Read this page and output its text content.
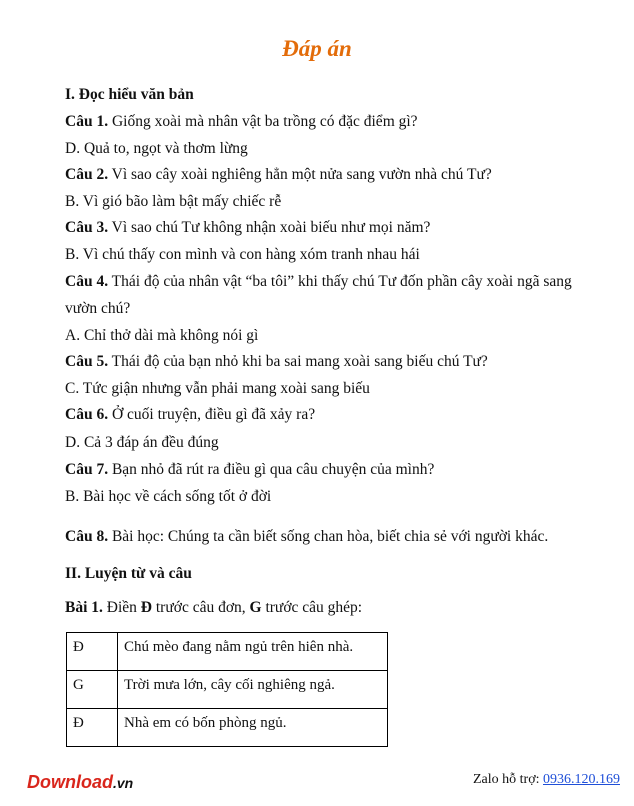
Đáp án
I. Đọc hiểu văn bản
Câu 1. Giống xoài mà nhân vật ba trồng có đặc điểm gì?
D. Quả to, ngọt và thơm lừng
Câu 2. Vì sao cây xoài nghiêng hẳn một nửa sang vườn nhà chú Tư?
B. Vì gió bão làm bật mấy chiếc rễ
Câu 3. Vì sao chú Tư không nhận xoài biếu như mọi năm?
B. Vì chú thấy con mình và con hàng xóm tranh nhau hái
Câu 4. Thái độ của nhân vật “ba tôi” khi thấy chú Tư đốn phần cây xoài ngã sang
vườn chú?
A. Chỉ thở dài mà không nói gì
Câu 5. Thái độ của bạn nhỏ khi ba sai mang xoài sang biếu chú Tư?
C. Tức giận nhưng vẫn phải mang xoài sang biếu
Câu 6. Ở cuối truyện, điều gì đã xảy ra?
D. Cả 3 đáp án đều đúng
Câu 7. Bạn nhỏ đã rút ra điều gì qua câu chuyện của mình?
B. Bài học về cách sống tốt ở đời
Câu 8. Bài học: Chúng ta cần biết sống chan hòa, biết chia sẻ với người khác.
II. Luyện từ và câu
Bài 1. Điền Đ trước câu đơn, G trước câu ghép:
Đ	Chú mèo đang nằm ngủ trên hiên nhà.
G	Trời mưa lớn, cây cối nghiêng ngả.
Đ	Nhà em có bốn phòng ngủ.
Download.vn	Zalo hỗ trợ: 0936.120.169
